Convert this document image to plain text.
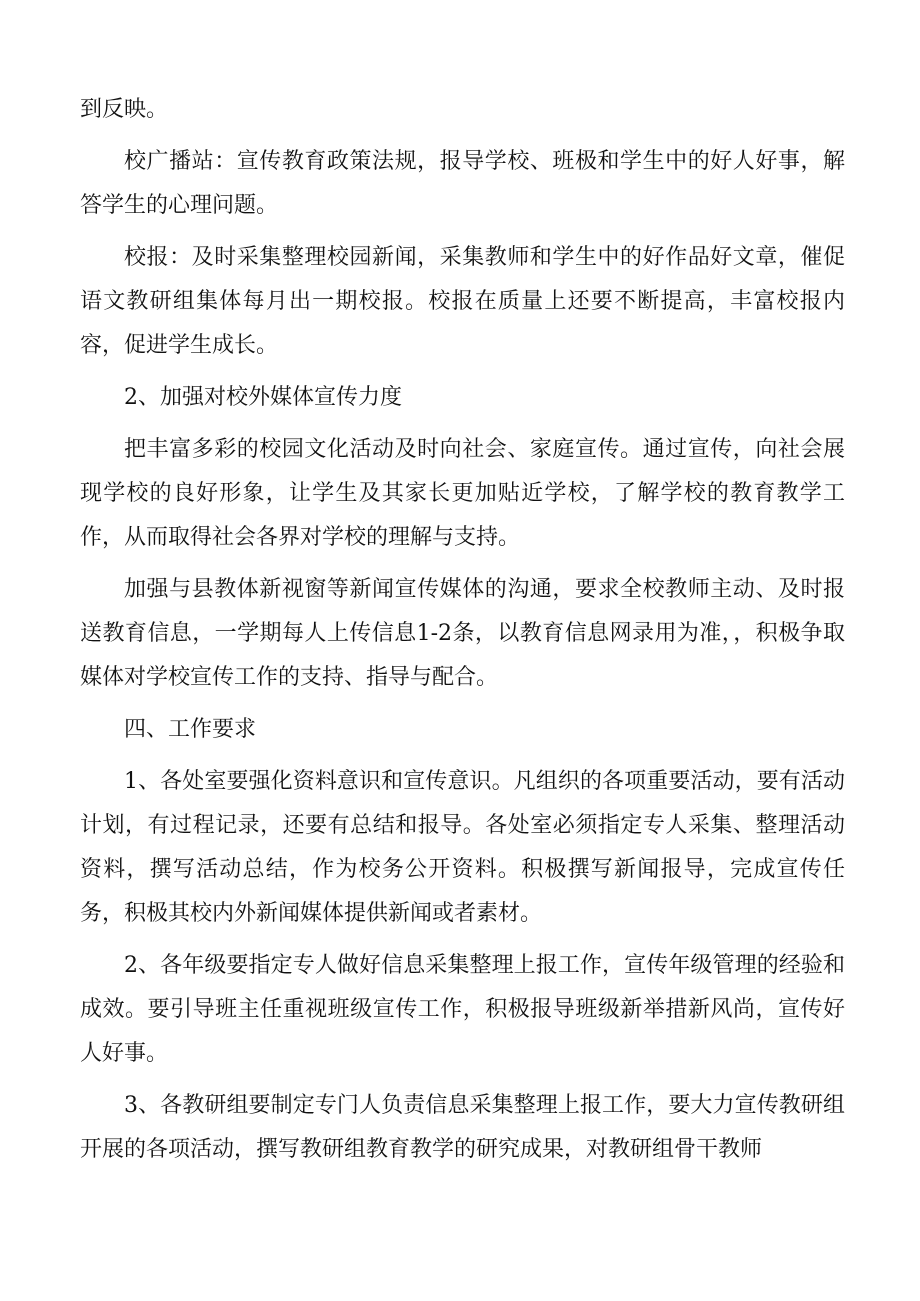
到反映。

校广播站：宣传教育政策法规，报导学校、班极和学生中的好人好事，解答学生的心理问题。

校报：及时采集整理校园新闻，采集教师和学生中的好作品好文章，催促语文教研组集体每月出一期校报。校报在质量上还要不断提高，丰富校报内容，促进学生成长。

2、加强对校外媒体宣传力度

把丰富多彩的校园文化活动及时向社会、家庭宣传。通过宣传，向社会展现学校的良好形象，让学生及其家长更加贴近学校，了解学校的教育教学工作，从而取得社会各界对学校的理解与支持。

加强与县教体新视窗等新闻宣传媒体的沟通，要求全校教师主动、及时报送教育信息，一学期每人上传信息1-2条，以教育信息网录用为准，，积极争取媒体对学校宣传工作的支持、指导与配合。

四、工作要求

1、各处室要强化资料意识和宣传意识。凡组织的各项重要活动，要有活动计划，有过程记录，还要有总结和报导。各处室必须指定专人采集、整理活动资料，撰写活动总结，作为校务公开资料。积极撰写新闻报导，完成宣传任务，积极其校内外新闻媒体提供新闻或者素材。

2、各年级要指定专人做好信息采集整理上报工作，宣传年级管理的经验和成效。要引导班主任重视班级宣传工作，积极报导班级新举措新风尚，宣传好人好事。

3、各教研组要制定专门人负责信息采集整理上报工作，要大力宣传教研组开展的各项活动，撰写教研组教育教学的研究成果，对教研组骨干教师
